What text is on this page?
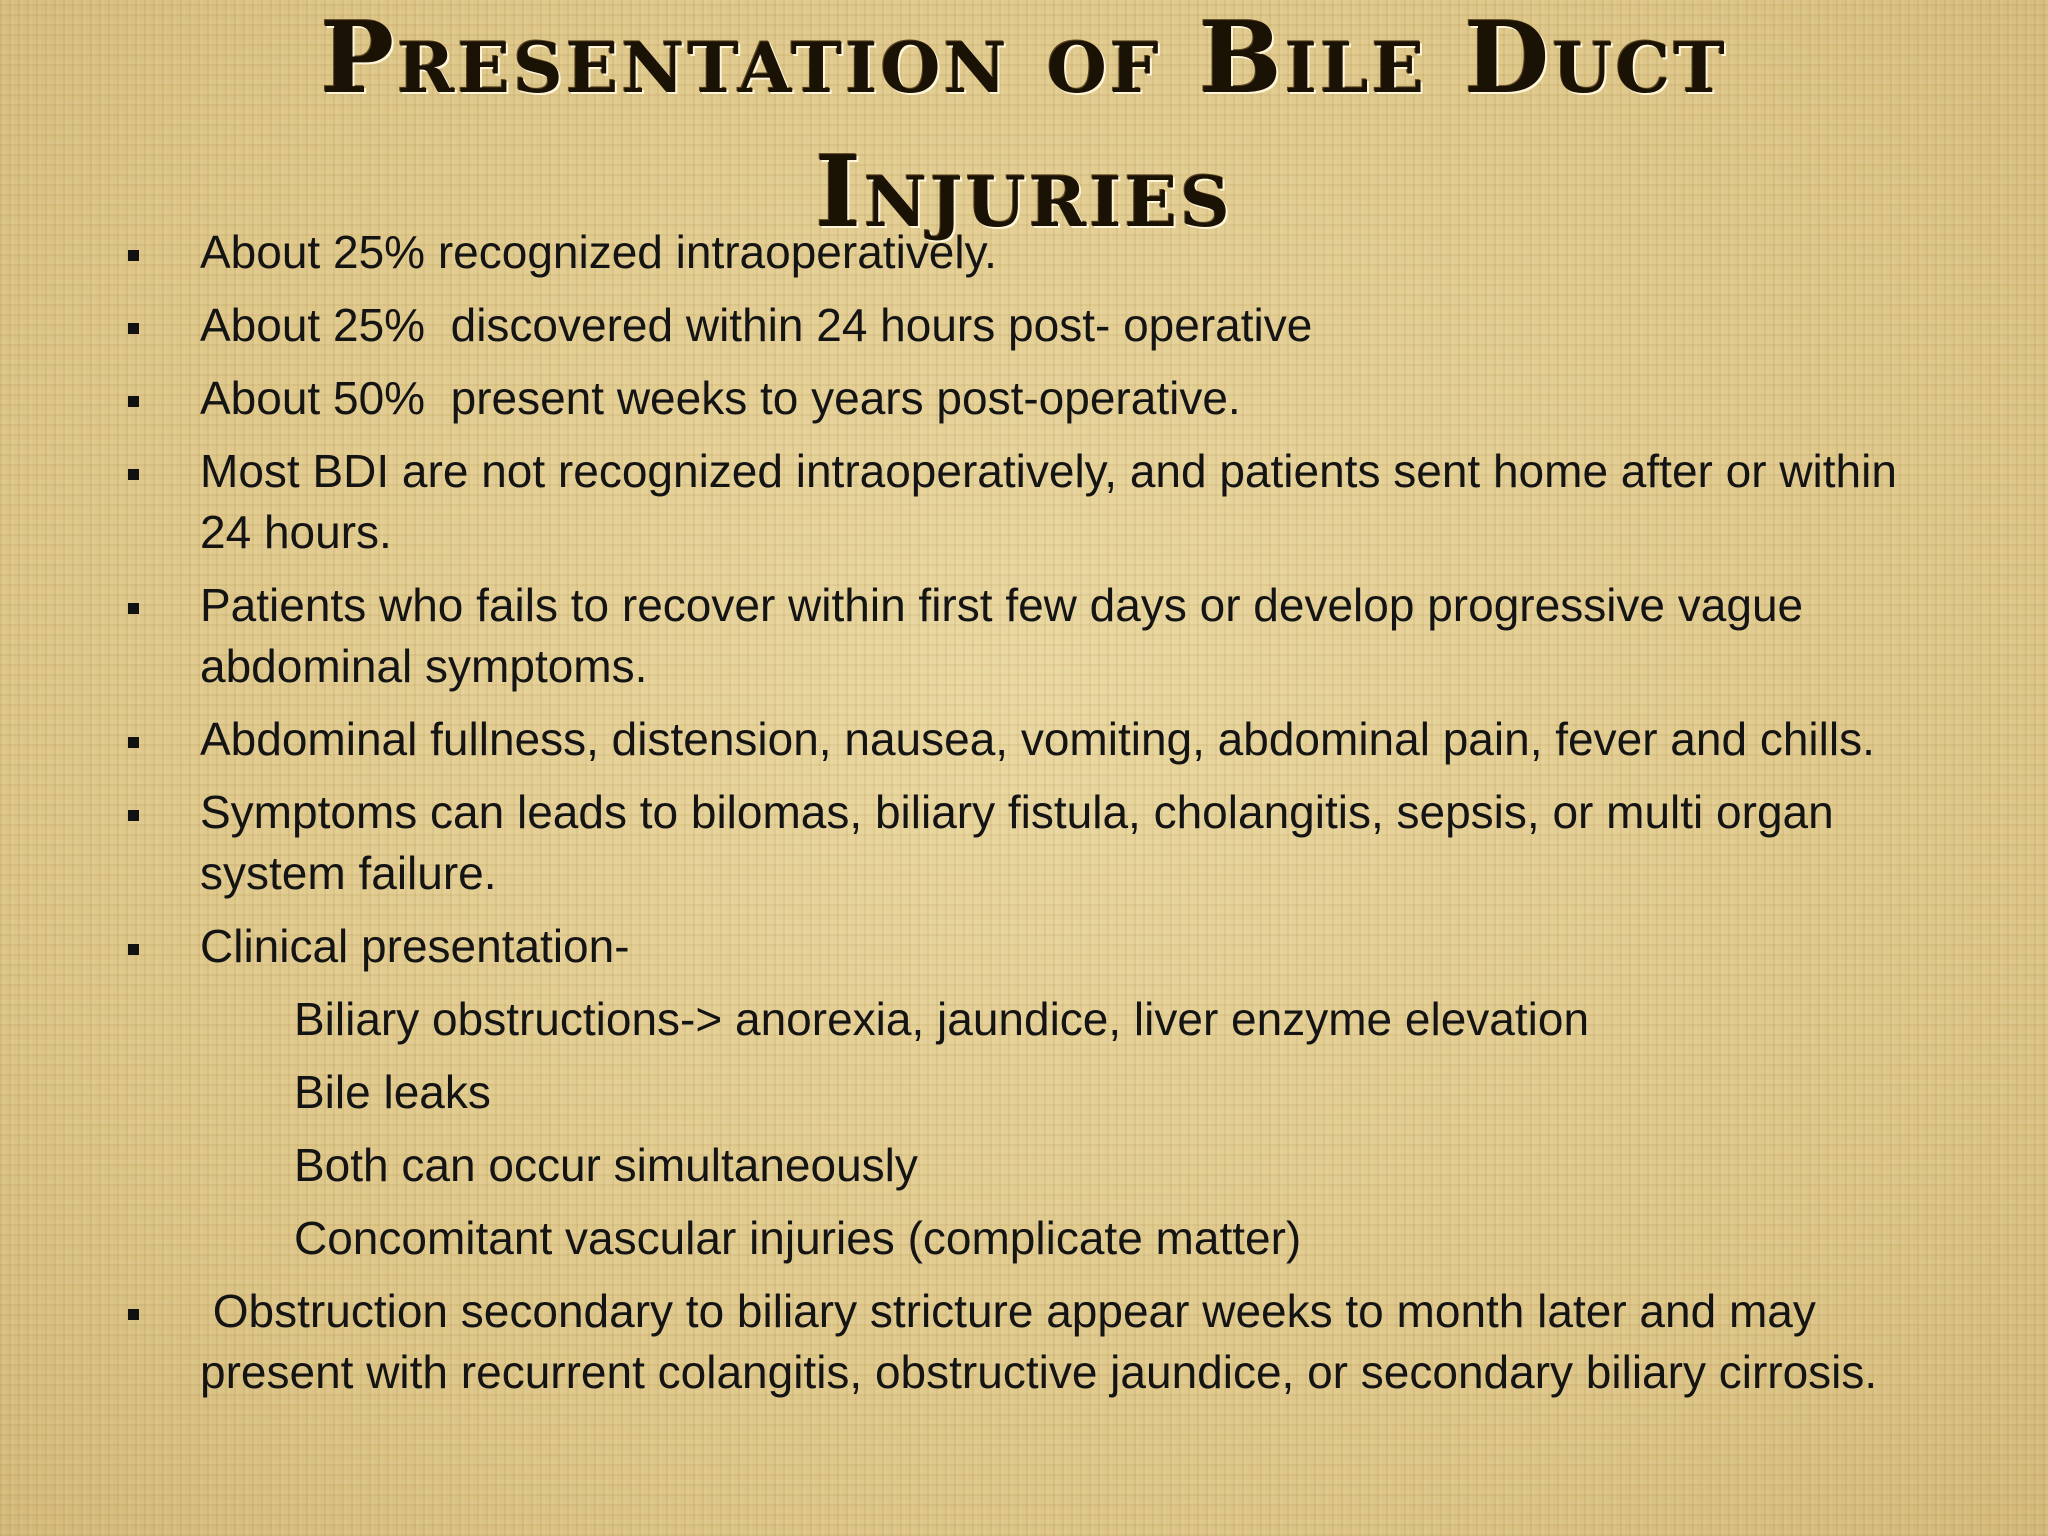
Presentation of Bile Duct Injuries
About 25% recognized intraoperatively.
About 25%  discovered within 24 hours post- operative
About 50%  present weeks to years post-operative.
Most BDI are not recognized intraoperatively, and patients sent home after or within 24 hours.
Patients who fails to recover within first few days or develop progressive vague abdominal symptoms.
Abdominal fullness, distension, nausea, vomiting, abdominal pain, fever and chills.
Symptoms can leads to bilomas, biliary fistula, cholangitis, sepsis, or multi organ system failure.
Clinical presentation-
Biliary obstructions-> anorexia, jaundice, liver enzyme elevation
Bile leaks
Both can occur simultaneously
Concomitant vascular injuries (complicate matter)
Obstruction secondary to biliary stricture appear weeks to month later and may present with recurrent colangitis, obstructive jaundice, or secondary biliary cirrosis.
